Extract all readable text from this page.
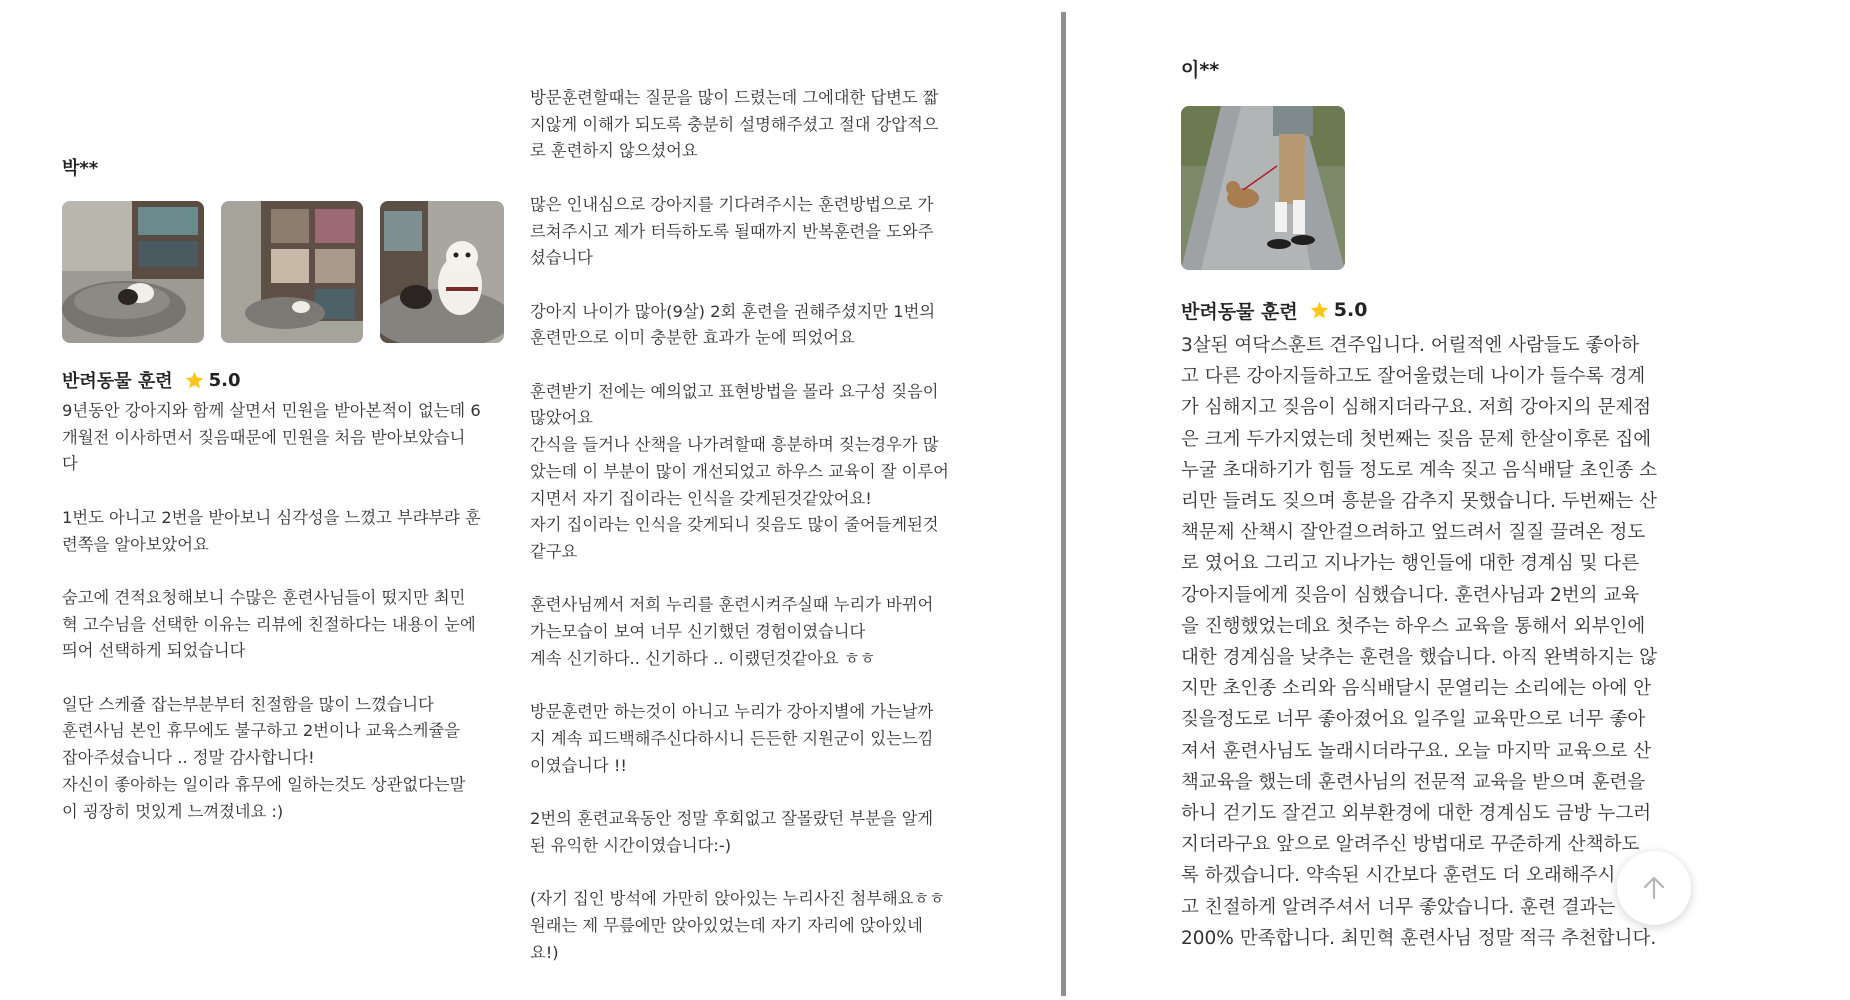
박**

반려동물 훈련 5.0
9년동안 강아지와 함께 살면서 민원을 받아본적이 없는데 6
개월전 이사하면서 짖음때문에 민원을 처음 받아보았습니
다

1번도 아니고 2번을 받아보니 심각성을 느꼈고 부랴부랴 훈
련쪽을 알아보았어요

숨고에 견적요청해보니 수많은 훈련사님들이 떴지만 최민
혁 고수님을 선택한 이유는 리뷰에 친절하다는 내용이 눈에
띄어 선택하게 되었습니다

일단 스케쥴 잡는부분부터 친절함을 많이 느꼈습니다
훈련사님 본인 휴무에도 불구하고 2번이나 교육스케쥴을
잡아주셨습니다 .. 정말 감사합니다!
자신이 좋아하는 일이라 휴무에 일하는것도 상관없다는말
이 굉장히 멋있게 느껴졌네요 :)
방문훈련할때는 질문을 많이 드렸는데 그에대한 답변도 짧
지않게 이해가 되도록 충분히 설명해주셨고 절대 강압적으
로 훈련하지 않으셨어요

많은 인내심으로 강아지를 기다려주시는 훈련방법으로 가
르쳐주시고 제가 터득하도록 될때까지 반복훈련을 도와주
셨습니다

강아지 나이가 많아(9살) 2회 훈련을 권해주셨지만 1번의
훈련만으로 이미 충분한 효과가 눈에 띄었어요

훈련받기 전에는 예의없고 표현방법을 몰라 요구성 짖음이
많았어요
간식을 들거나 산책을 나가려할때 흥분하며 짖는경우가 많
았는데 이 부분이 많이 개선되었고 하우스 교육이 잘 이루어
지면서 자기 집이라는 인식을 갖게된것같았어요!
자기 집이라는 인식을 갖게되니 짖음도 많이 줄어들게된것
같구요

훈련사님께서 저희 누리를 훈련시켜주실때 누리가 바뀌어
가는모습이 보여 너무 신기했던 경험이였습니다
계속 신기하다.. 신기하다 .. 이랬던것같아요 ㅎㅎ

방문훈련만 하는것이 아니고 누리가 강아지별에 가는날까
지 계속 피드백해주신다하시니 든든한 지원군이 있는느낌
이였습니다 !!

2번의 훈련교육동안 정말 후회없고 잘몰랐던 부분을 알게
된 유익한 시간이였습니다:-)

(자기 집인 방석에 가만히 앉아있는 누리사진 첨부해요ㅎㅎ
원래는 제 무릎에만 앉아있었는데 자기 자리에 앉아있네
요!)

이**

반려동물 훈련 5.0
3살된 여닥스훈트 견주입니다. 어릴적엔 사람들도 좋아하
고 다른 강아지들하고도 잘어울렸는데 나이가 들수록 경계
가 심해지고 짖음이 심해지더라구요. 저희 강아지의 문제점
은 크게 두가지였는데 첫번째는 짖음 문제 한살이후론 집에
누굴 초대하기가 힘들 정도로 계속 짖고 음식배달 초인종 소
리만 들려도 짖으며 흥분을 감추지 못했습니다. 두번째는 산
책문제 산책시 잘안걸으려하고 엎드려서 질질 끌려온 정도
로 였어요 그리고 지나가는 행인들에 대한 경계심 및 다른
강아지들에게 짖음이 심했습니다. 훈련사님과 2번의 교육
을 진행했었는데요 첫주는 하우스 교육을 통해서 외부인에
대한 경계심을 낮추는 훈련을 했습니다. 아직 완벽하지는 않
지만 초인종 소리와 음식배달시 문열리는 소리에는 아에 안
짖을정도로 너무 좋아졌어요 일주일 교육만으로 너무 좋아
져서 훈련사님도 놀래시더라구요. 오늘 마지막 교육으로 산
책교육을 했는데 훈련사님의 전문적 교육을 받으며 훈련을
하니 걷기도 잘걷고 외부환경에 대한 경계심도 금방 누그러
지더라구요 앞으로 알려주신 방법대로 꾸준하게 산책하도
록 하겠습니다. 약속된 시간보다 훈련도 더 오래해주시
고 친절하게 알려주셔서 너무 좋았습니다. 훈련 결과는
200% 만족합니다. 최민혁 훈련사님 정말 적극 추천합니다.
